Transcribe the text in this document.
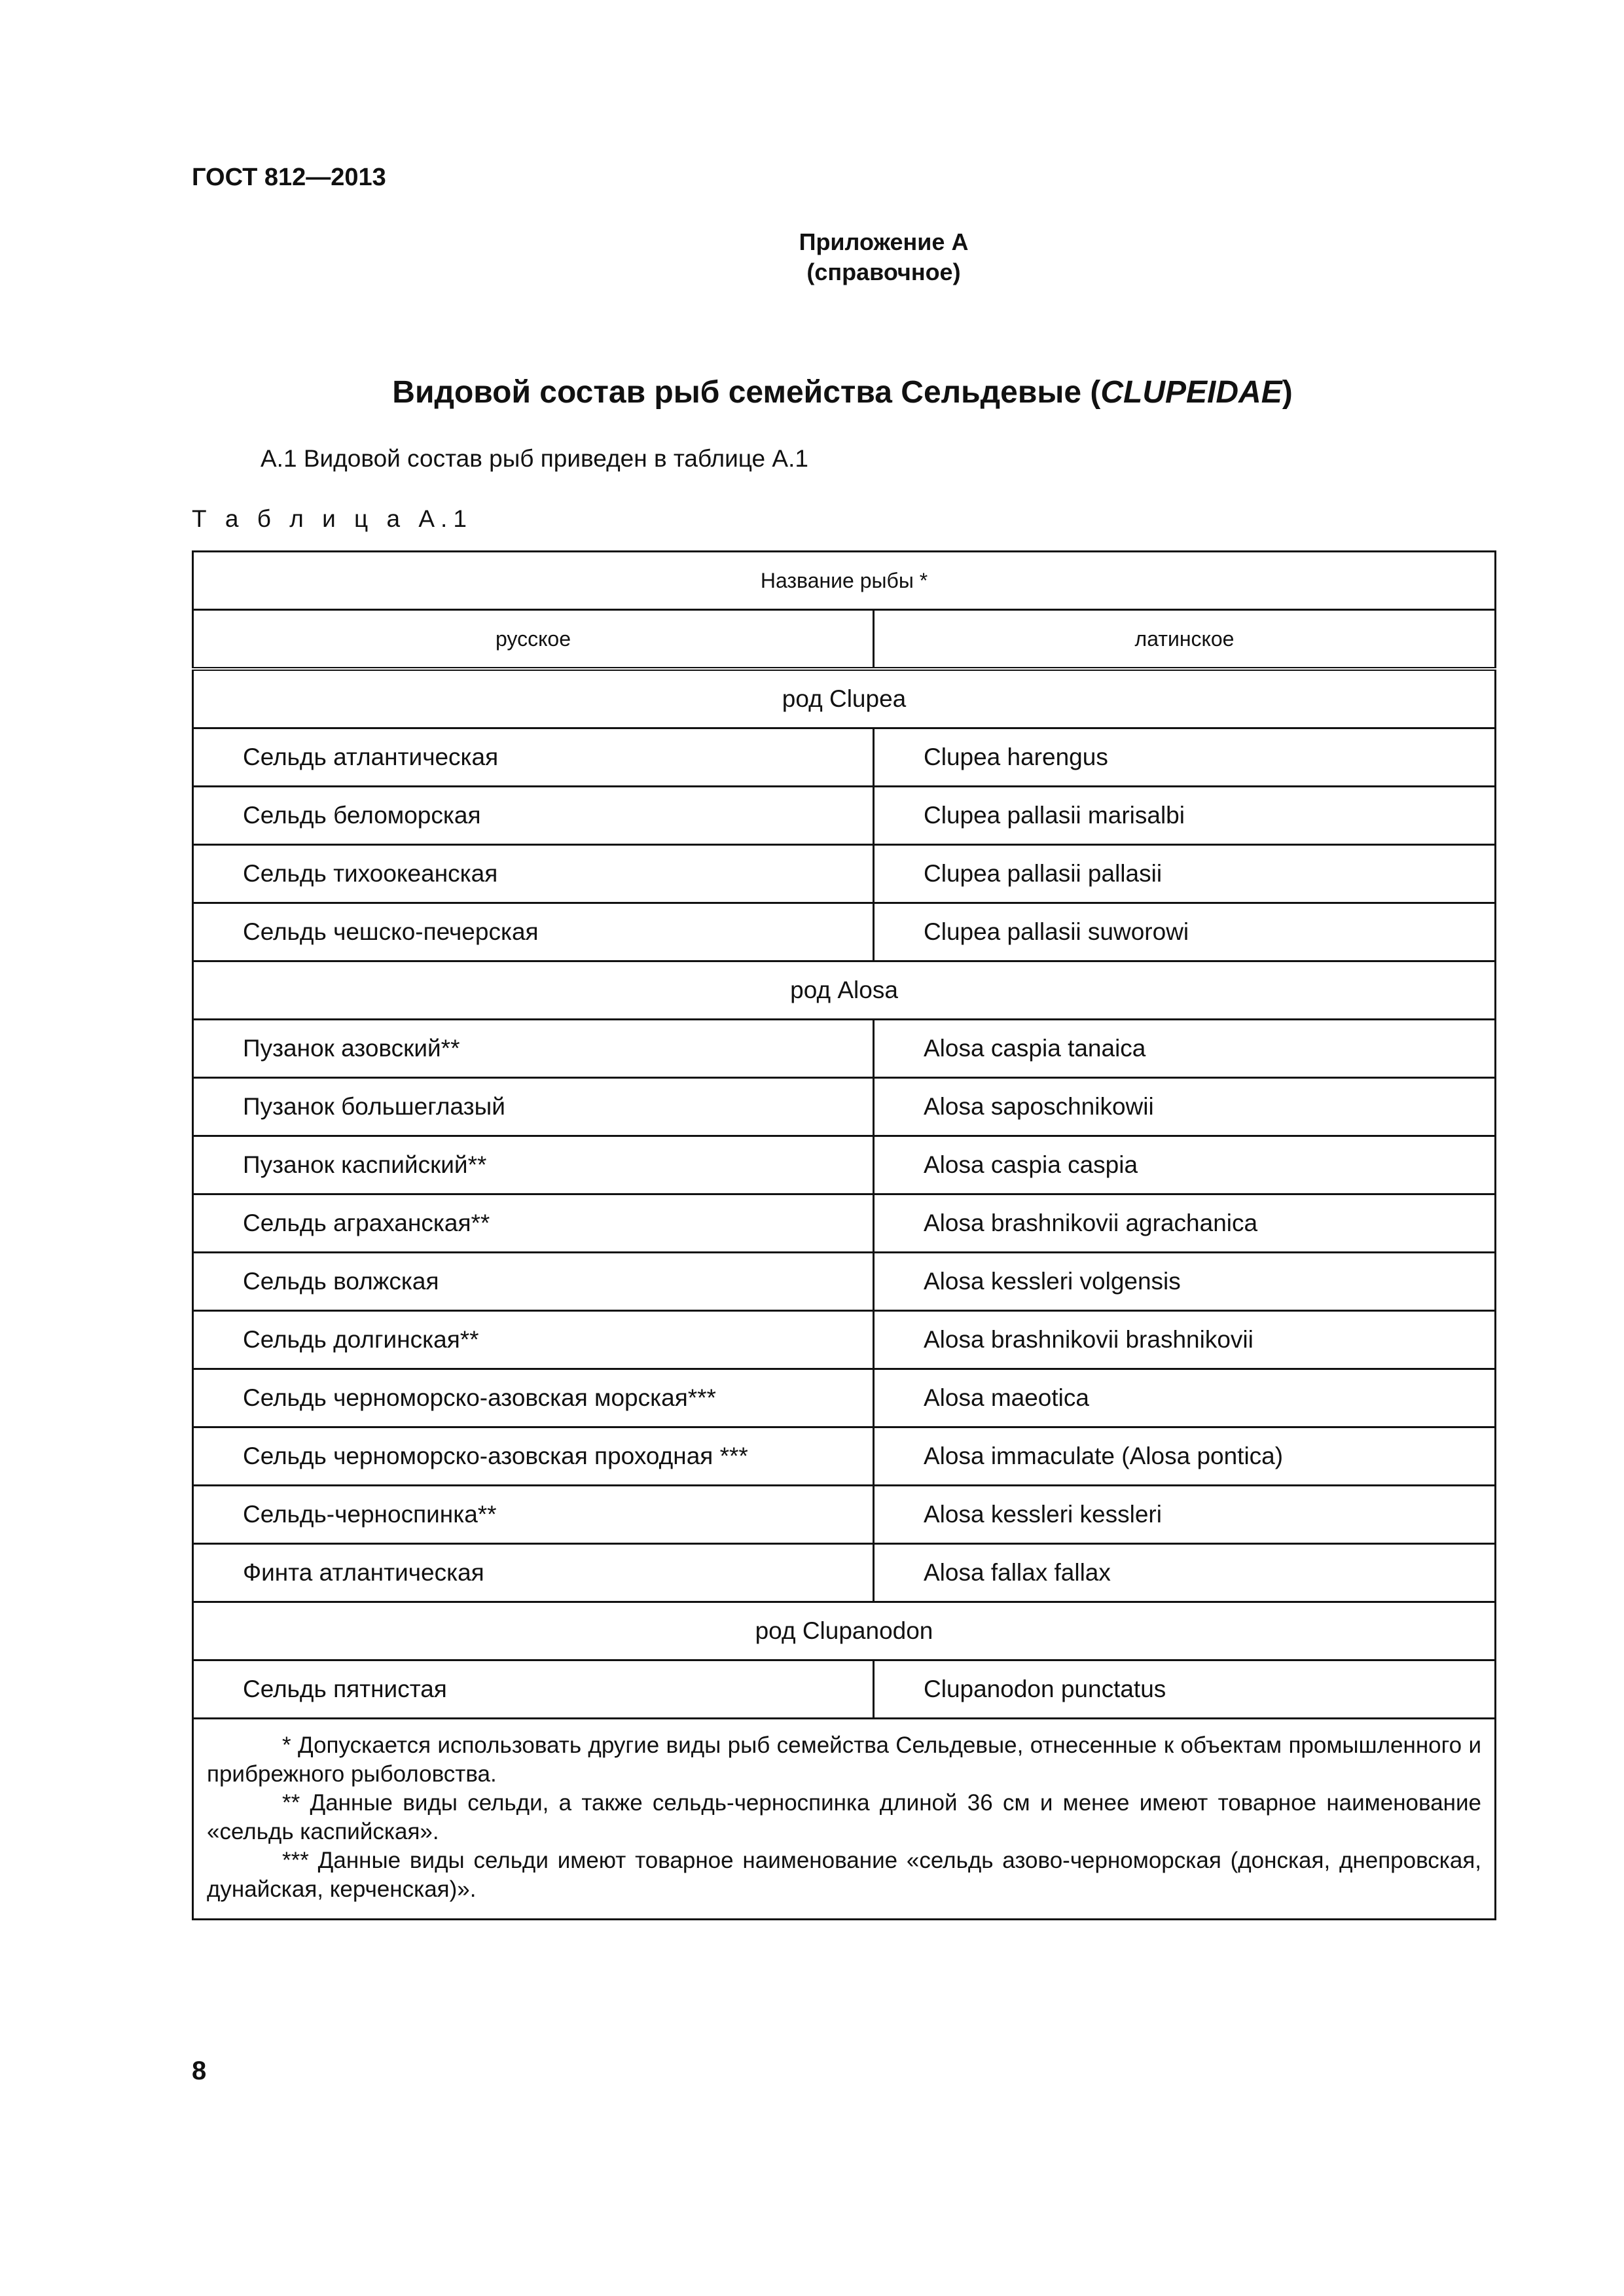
ГОСТ 812—2013
Приложение А
(справочное)
Видовой состав рыб семейства Сельдевые (CLUPEIDAE)
А.1 Видовой состав рыб приведен в таблице А.1
Т а б л и ц а А.1
Название рыбы *	
русское	латинское
род Clupea	
Сельдь атлантическая	Clupea harengus
Сельдь беломорская	Clupea pallasii marisalbi
Сельдь тихоокеанская	Clupea pallasii pallasii
Сельдь чешско-печерская	Clupea pallasii suworowi
род Alosa	
Пузанок азовский**	Alosa caspia tanaica
Пузанок большеглазый	Alosa saposchnikowii
Пузанок каспийский**	Alosa caspia caspia
Сельдь аграханская**	Alosa brashnikovii agrachanica
Сельдь волжская	Alosa kessleri volgensis
Сельдь долгинская**	Alosa brashnikovii brashnikovii
Сельдь черноморско-азовская морская***	Alosa maeotica
Сельдь черноморско-азовская проходная ***	Alosa immaculate (Alosa pontica)
Сельдь-черноспинка**	Alosa kessleri kessleri
Финта атлантическая	Alosa fallax fallax
род Clupanodon	
Сельдь пятнистая	Clupanodon punctatus

* Допускается использовать другие виды рыб семейства Сельдевые, отнесенные к объектам промышленного и прибрежного рыболовства.

** Данные виды сельди, а также сельдь-черноспинка длиной 36 см и менее имеют товарное наименование «сельдь каспийская».

*** Данные виды сельди имеют товарное наименование «сельдь азово-черноморская (донская, днепровская, дунайская, керченская)».	

8
